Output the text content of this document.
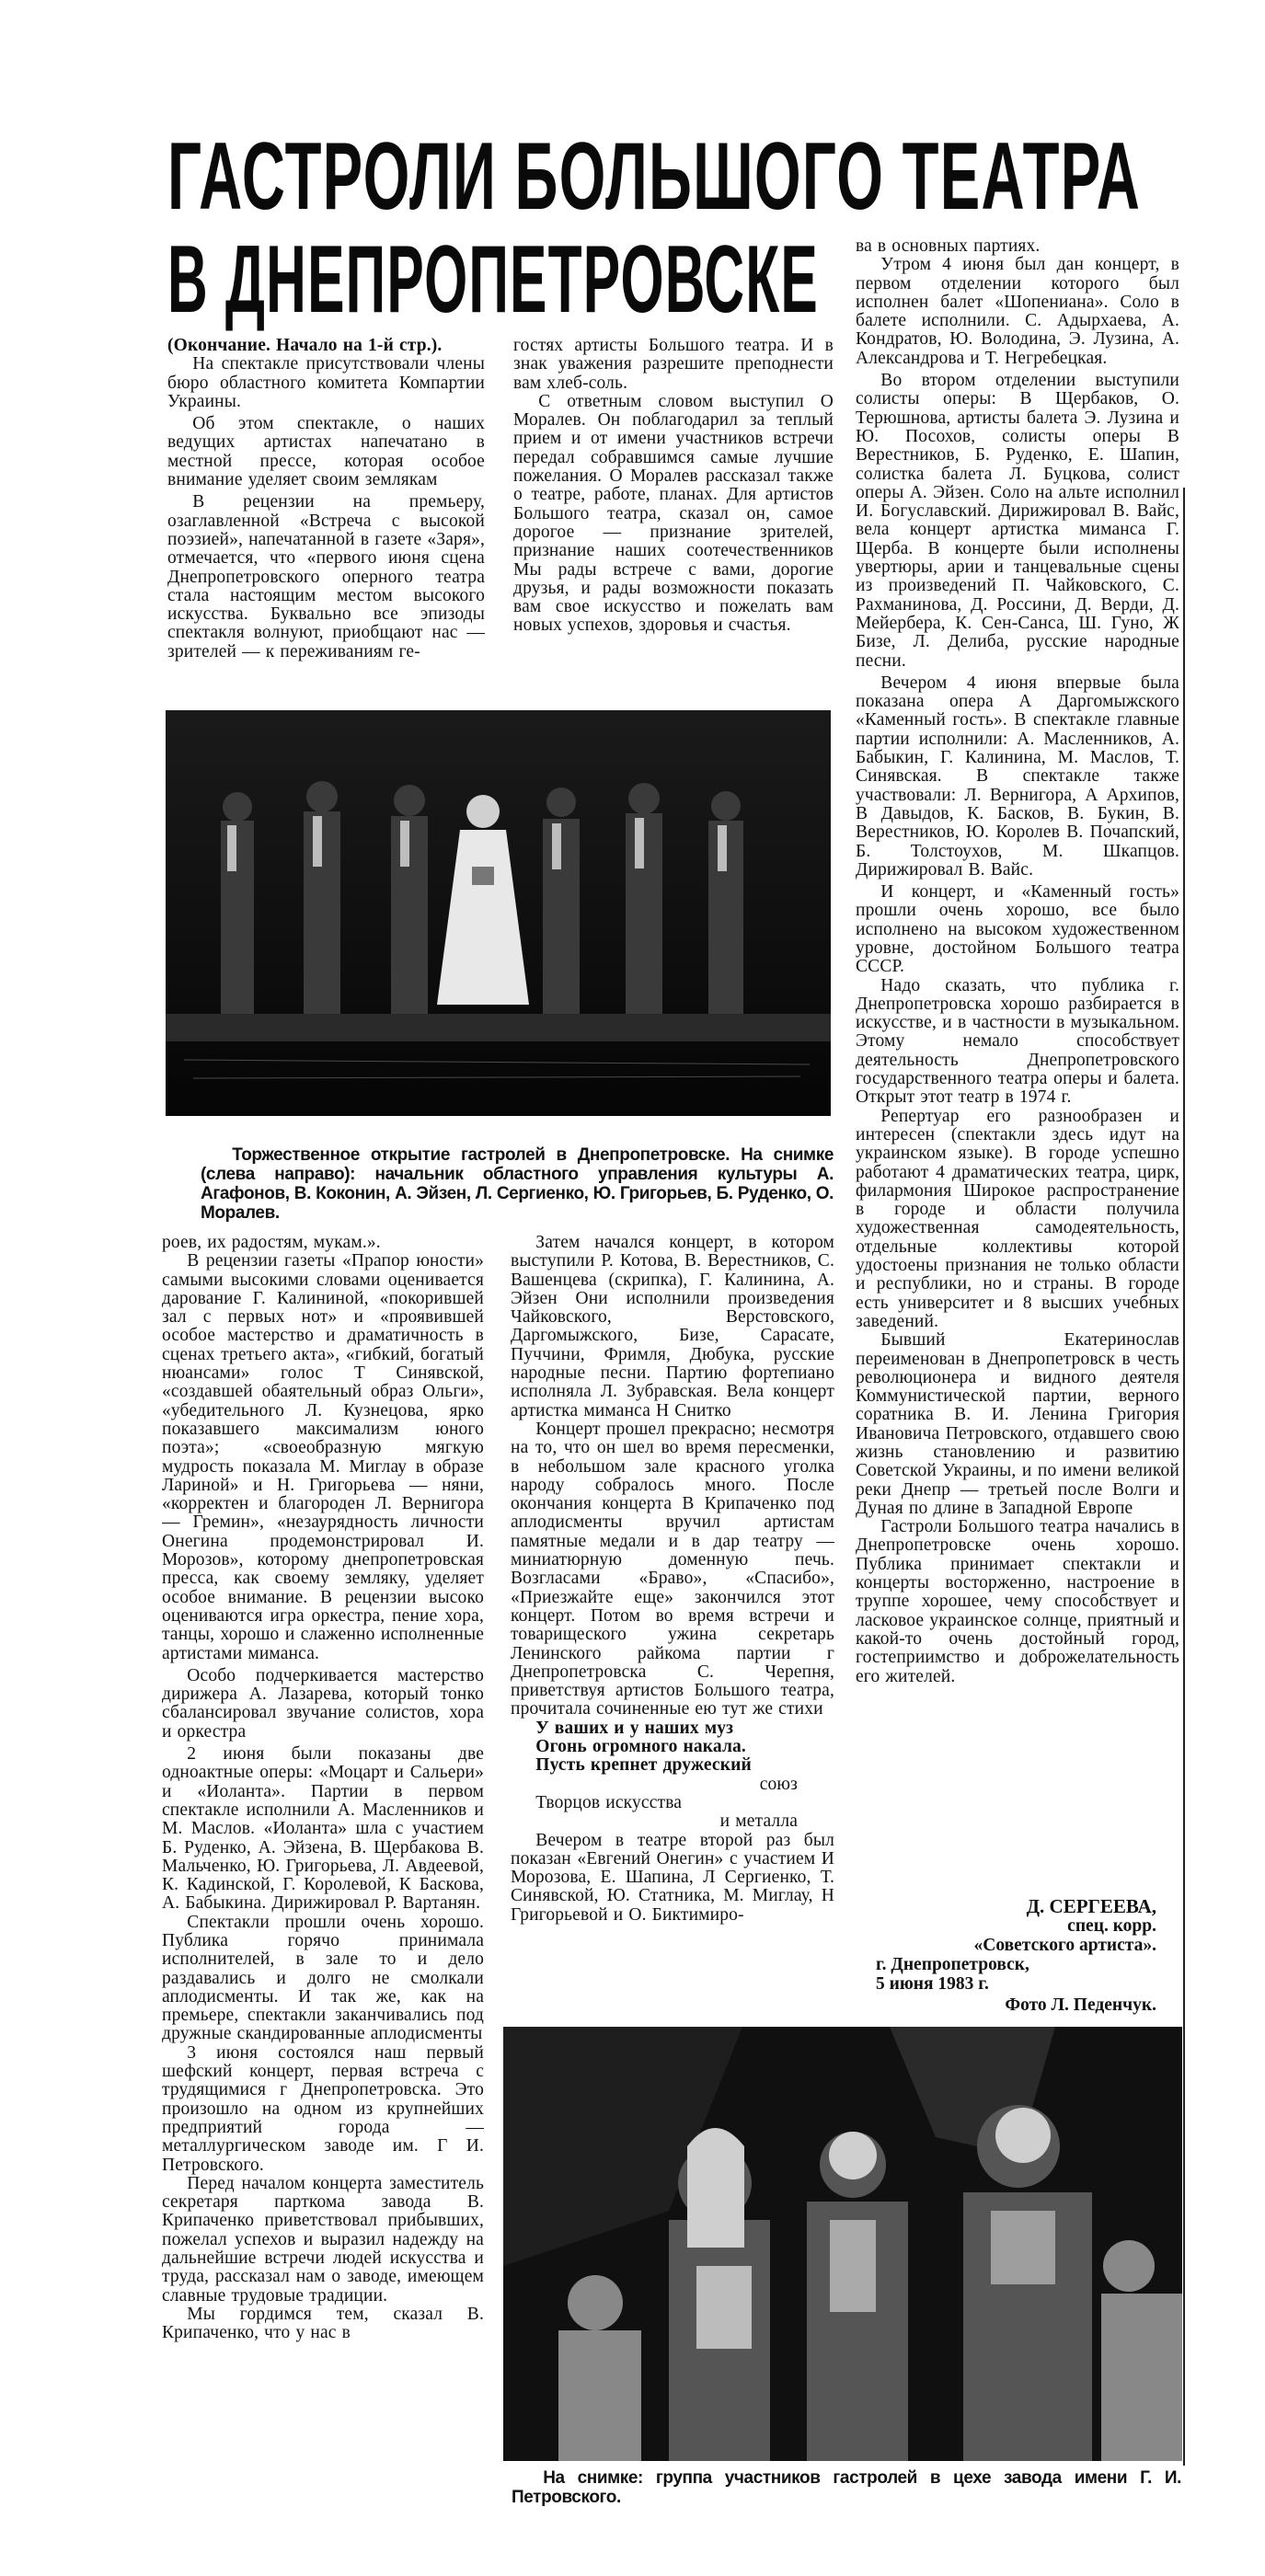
ГАСТРОЛИ БОЛЬШОГО ТЕАТРА
В ДНЕПРОПЕТРОВСКЕ

(Окончание. Начало на 1-й стр.).

На спектакле присутствовали члены бюро областного комитета Компартии Украины.

Об этом спектакле, о наших ведущих артистах напечатано в местной прессе, которая особое внимание уделяет своим землякам

В рецензии на премьеру, озаглавленной «Встреча с высокой поэзией», напечатанной в газете «Заря», отмечается, что «первого июня сцена Днепропетровского оперного театра стала настоящим местом высокого искусства. Буквально все эпизоды спектакля волнуют, приобщают нас — зрителей — к переживаниям ге-

гостях артисты Большого театра. И в знак уважения разрешите преподнести вам хлеб-соль.

С ответным словом выступил О Моралев. Он поблагодарил за теплый прием и от имени участников встречи передал собравшимся самые лучшие пожелания. О Моралев рассказал также о театре, работе, планах. Для артистов Большого театра, сказал он, самое дорогое — признание зрителей, признание наших соотечественников Мы рады встрече с вами, дорогие друзья, и рады возможности показать вам свое искусство и пожелать вам новых успехов, здоровья и счастья.

Торжественное открытие гастролей в Днепропетровске. На снимке (слева направо): начальник областного управления культуры А. Агафонов, В. Коконин, А. Эйзен, Л. Сергиенко, Ю. Григорьев, Б. Руденко, О. Моралев.

роев, их радостям, мукам.».

В рецензии газеты «Прапор юности» самыми высокими словами оценивается дарование Г. Калининой, «покорившей зал с первых нот» и «проявившей особое мастерство и драматичность в сценах третьего акта», «гибкий, богатый нюансами» голос Т Синявской, «создавшей обаятельный образ Ольги», «убедительного Л. Кузнецова, ярко показавшего максимализм юного поэта»; «своеобразную мягкую мудрость показала М. Миглау в образе Лариной» и Н. Григорьева — няни, «корректен и благороден Л. Вернигора — Гремин», «незаурядность личности Онегина продемонстрировал И. Морозов», которому днепропетровская пресса, как своему земляку, уделяет особое внимание. В рецензии высоко оцениваются игра оркестра, пение хора, танцы, хорошо и слаженно исполненные артистами миманса.

Особо подчеркивается мастерство дирижера А. Лазарева, который тонко сбалансировал звучание солистов, хора и оркестра

2 июня были показаны две одноактные оперы: «Моцарт и Сальери» и «Иоланта». Партии в первом спектакле исполнили А. Масленников и М. Маслов. «Иоланта» шла с участием Б. Руденко, А. Эйзена, В. Щербакова В. Мальченко, Ю. Григорьева, Л. Авдеевой, К. Кадинской, Г. Королевой, К Баскова, А. Бабыкина. Дирижировал Р. Вартанян.

Спектакли прошли очень хорошо. Публика горячо принимала исполнителей, в зале то и дело раздавались и долго не смолкали аплодисменты. И так же, как на премьере, спектакли заканчивались под дружные скандированные аплодисменты

3 июня состоялся наш первый шефский концерт, первая встреча с трудящимися г Днепропетровска. Это произошло на одном из крупнейших предприятий города — металлургическом заводе им. Г И. Петровского.

Перед началом концерта заместитель секретаря парткома завода В. Крипаченко приветствовал прибывших, пожелал успехов и выразил надежду на дальнейшие встречи людей искусства и труда, рассказал нам о заводе, имеющем славные трудовые традиции.

Мы гордимся тем, сказал В. Крипаченко, что у нас в

Затем начался концерт, в котором выступили Р. Котова, В. Верестников, С. Вашенцева (скрипка), Г. Калинина, А. Эйзен Они исполнили произведения Чайковского, Верстовского, Даргомыжского, Бизе, Сарасате, Пуччини, Фримля, Дюбука, русские народные песни. Партию фортепиано исполняла Л. Зубравская. Вела концерт артистка миманса Н Снитко

Концерт прошел прекрасно; несмотря на то, что он шел во время пересменки, в небольшом зале красного уголка народу собралось много. После окончания концерта В Крипаченко под аплодисменты вручил артистам памятные медали и в дар театру — миниатюрную доменную печь. Возгласами «Браво», «Спасибо», «Приезжайте еще» закончился этот концерт. Потом во время встречи и товарищеского ужина секретарь Ленинского райкома партии г Днепропетровска С. Черепня, приветствуя артистов Большого театра, прочитала сочиненные ею тут же стихи

У ваших и у наших муз

Огонь огромного накала.

Пусть крепнет дружеский

союз

Творцов искусства

и металла

Вечером в театре второй раз был показан «Евгений Онегин» с участием И Морозова, Е. Шапина, Л Сергиенко, Т. Синявской, Ю. Статника, М. Миглау, Н Григорьевой и О. Биктимиро-

ва в основных партиях.

Утром 4 июня был дан концерт, в первом отделении которого был исполнен балет «Шопениана». Соло в балете исполнили. С. Адырхаева, А. Кондратов, Ю. Володина, Э. Лузина, А. Александрова и Т. Негребецкая.

Во втором отделении выступили солисты оперы: В Щербаков, О. Терюшнова, артисты балета Э. Лузина и Ю. Посохов, солисты оперы В Верестников, Б. Руденко, Е. Шапин, солистка балета Л. Буцкова, солист оперы А. Эйзен. Соло на альте исполнил И. Богуславский. Дирижировал В. Вайс, вела концерт артистка миманса Г. Щерба. В концерте были исполнены увертюры, арии и танцевальные сцены из произведений П. Чайковского, С. Рахманинова, Д. Россини, Д. Верди, Д. Мейербера, К. Сен-Санса, Ш. Гуно, Ж Бизе, Л. Делиба, русские народные песни.

Вечером 4 июня впервые была показана опера А Даргомыжского «Каменный гость». В спектакле главные партии исполнили: А. Масленников, А. Бабыкин, Г. Калинина, М. Маслов, Т. Синявская. В спектакле также участвовали: Л. Вернигора, А Архипов, В Давыдов, К. Басков, В. Букин, В. Верестников, Ю. Королев В. Почапский, Б. Толстоухов, М. Шкапцов. Дирижировал В. Вайс.

И концерт, и «Каменный гость» прошли очень хорошо, все было исполнено на высоком художественном уровне, достойном Большого театра СССР.

Надо сказать, что публика г. Днепропетровска хорошо разбирается в искусстве, и в частности в музыкальном. Этому немало способствует деятельность Днепропетровского государственного театра оперы и балета. Открыт этот театр в 1974 г.

Репертуар его разнообразен и интересен (спектакли здесь идут на украинском языке). В городе успешно работают 4 драматических театра, цирк, филармония Широкое распространение в городе и области получила художественная самодеятельность, отдельные коллективы которой удостоены признания не только области и республики, но и страны. В городе есть университет и 8 высших учебных заведений.

Бывший Екатеринослав переименован в Днепропетровск в честь революционера и видного деятеля Коммунистической партии, верного соратника В. И. Ленина Григория Ивановича Петровского, отдавшего свою жизнь становлению и развитию Советской Украины, и по имени великой реки Днепр — третьей после Волги и Дуная по длине в Западной Европе

Гастроли Большого театра начались в Днепропетровске очень хорошо. Публика принимает спектакли и концерты восторженно, настроение в труппе хорошее, чему способствует и ласковое украинское солнце, приятный и какой-то очень достойный город, гостеприимство и доброжелательность его жителей.

Д. СЕРГЕЕВА,
спец. корр.
«Советского артиста».
г. Днепропетровск,
5 июня 1983 г.
Фото Л. Педенчук.
На снимке: группа участников гастролей в цехе завода имени Г. И. Петровского.
